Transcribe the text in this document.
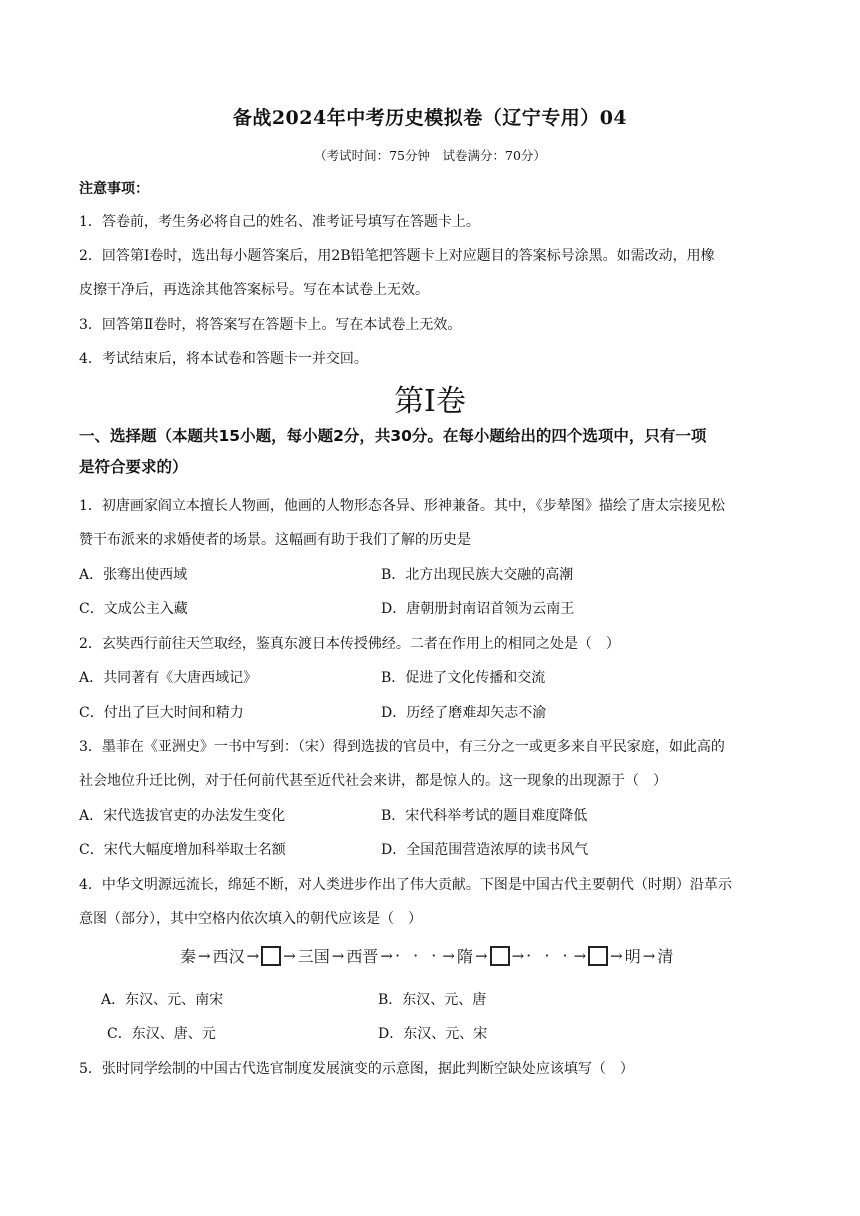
备战2024年中考历史模拟卷（辽宁专用）04
（考试时间：75分钟　试卷满分：70分）
注意事项：
1．答卷前，考生务必将自己的姓名、准考证号填写在答题卡上。
2．回答第Ⅰ卷时，选出每小题答案后，用2B铅笔把答题卡上对应题目的答案标号涂黑。如需改动，用橡
皮擦干净后，再选涂其他答案标号。写在本试卷上无效。
3．回答第Ⅱ卷时，将答案写在答题卡上。写在本试卷上无效。
4．考试结束后，将本试卷和答题卡一并交回。
第Ⅰ卷
一、选择题（本题共15小题，每小题2分，共30分。在每小题给出的四个选项中，只有一项
是符合要求的）
1．初唐画家阎立本擅长人物画，他画的人物形态各异、形神兼备。其中，《步辇图》描绘了唐太宗接见松
赞干布派来的求婚使者的场景。这幅画有助于我们了解的历史是
A．张骞出使西域	B．北方出现民族大交融的高潮
C．文成公主入藏	D．唐朝册封南诏首领为云南王
2．玄奘西行前往天竺取经，鉴真东渡日本传授佛经。二者在作用上的相同之处是（　）
A．共同著有《大唐西域记》	B．促进了文化传播和交流
C．付出了巨大时间和精力	D．历经了磨难却矢志不渝
3．墨菲在《亚洲史》一书中写到：（宋）得到选拔的官员中，有三分之一或更多来自平民家庭，如此高的
社会地位升迁比例，对于任何前代甚至近代社会来讲，都是惊人的。这一现象的出现源于（　）
A．宋代选拔官吏的办法发生变化	B．宋代科举考试的题目难度降低
C．宋代大幅度增加科举取士名额	D．全国范围营造浓厚的读书风气
4．中华文明源远流长，绵延不断，对人类进步作出了伟大贡献。下图是中国古代主要朝代（时期）沿革示
意图（部分），其中空格内依次填入的朝代应该是（　）
秦 → 西汉 → → 三国 → 西晋 → · · · → 隋 → → · · · → → 明 → 清
A．东汉、元、南宋	B．东汉、元、唐
C．东汉、唐、元	D．东汉、元、宋
5．张时同学绘制的中国古代选官制度发展演变的示意图，据此判断空缺处应该填写（　）
